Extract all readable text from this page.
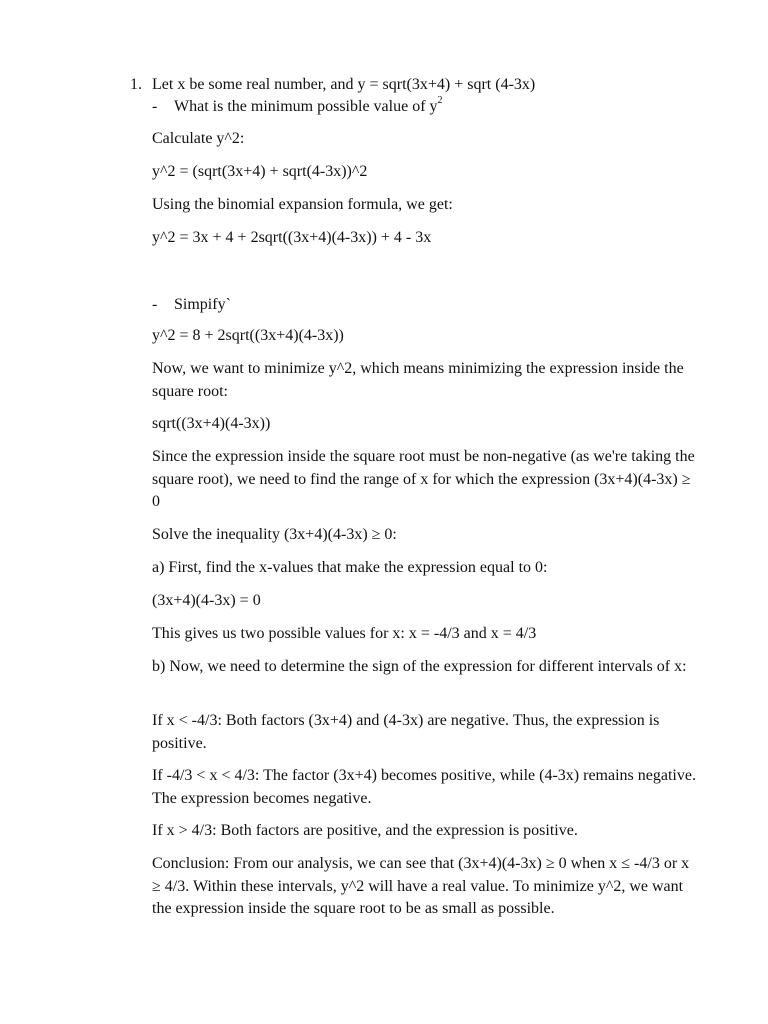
1. Let x be some real number, and y = sqrt(3x+4) + sqrt (4-3x)
- What is the minimum possible value of $y^2$

Calculate y^2:

y^2 = (sqrt(3x+4) + sqrt(4-3x))^2

Using the binomial expansion formula, we get:

y^2 = 3x + 4 + 2sqrt((3x+4)(4-3x)) + 4 - 3x

- Simpify`

y^2 = 8 + 2sqrt((3x+4)(4-3x))

Now, we want to minimize y^2, which means minimizing the expression inside the square root:

sqrt((3x+4)(4-3x))

Since the expression inside the square root must be non-negative (as we're taking the square root), we need to find the range of x for which the expression (3x+4)(4-3x) ≥ 0

Solve the inequality (3x+4)(4-3x) ≥ 0:

a) First, find the x-values that make the expression equal to 0:

(3x+4)(4-3x) = 0

This gives us two possible values for x: x = -4/3 and x = 4/3

b) Now, we need to determine the sign of the expression for different intervals of x:

If x < -4/3: Both factors (3x+4) and (4-3x) are negative. Thus, the expression is positive.

If -4/3 < x < 4/3: The factor (3x+4) becomes positive, while (4-3x) remains negative. The expression becomes negative.

If x > 4/3: Both factors are positive, and the expression is positive.

Conclusion: From our analysis, we can see that (3x+4)(4-3x) ≥ 0 when x ≤ -4/3 or x ≥ 4/3. Within these intervals, y^2 will have a real value. To minimize y^2, we want the expression inside the square root to be as small as possible.
